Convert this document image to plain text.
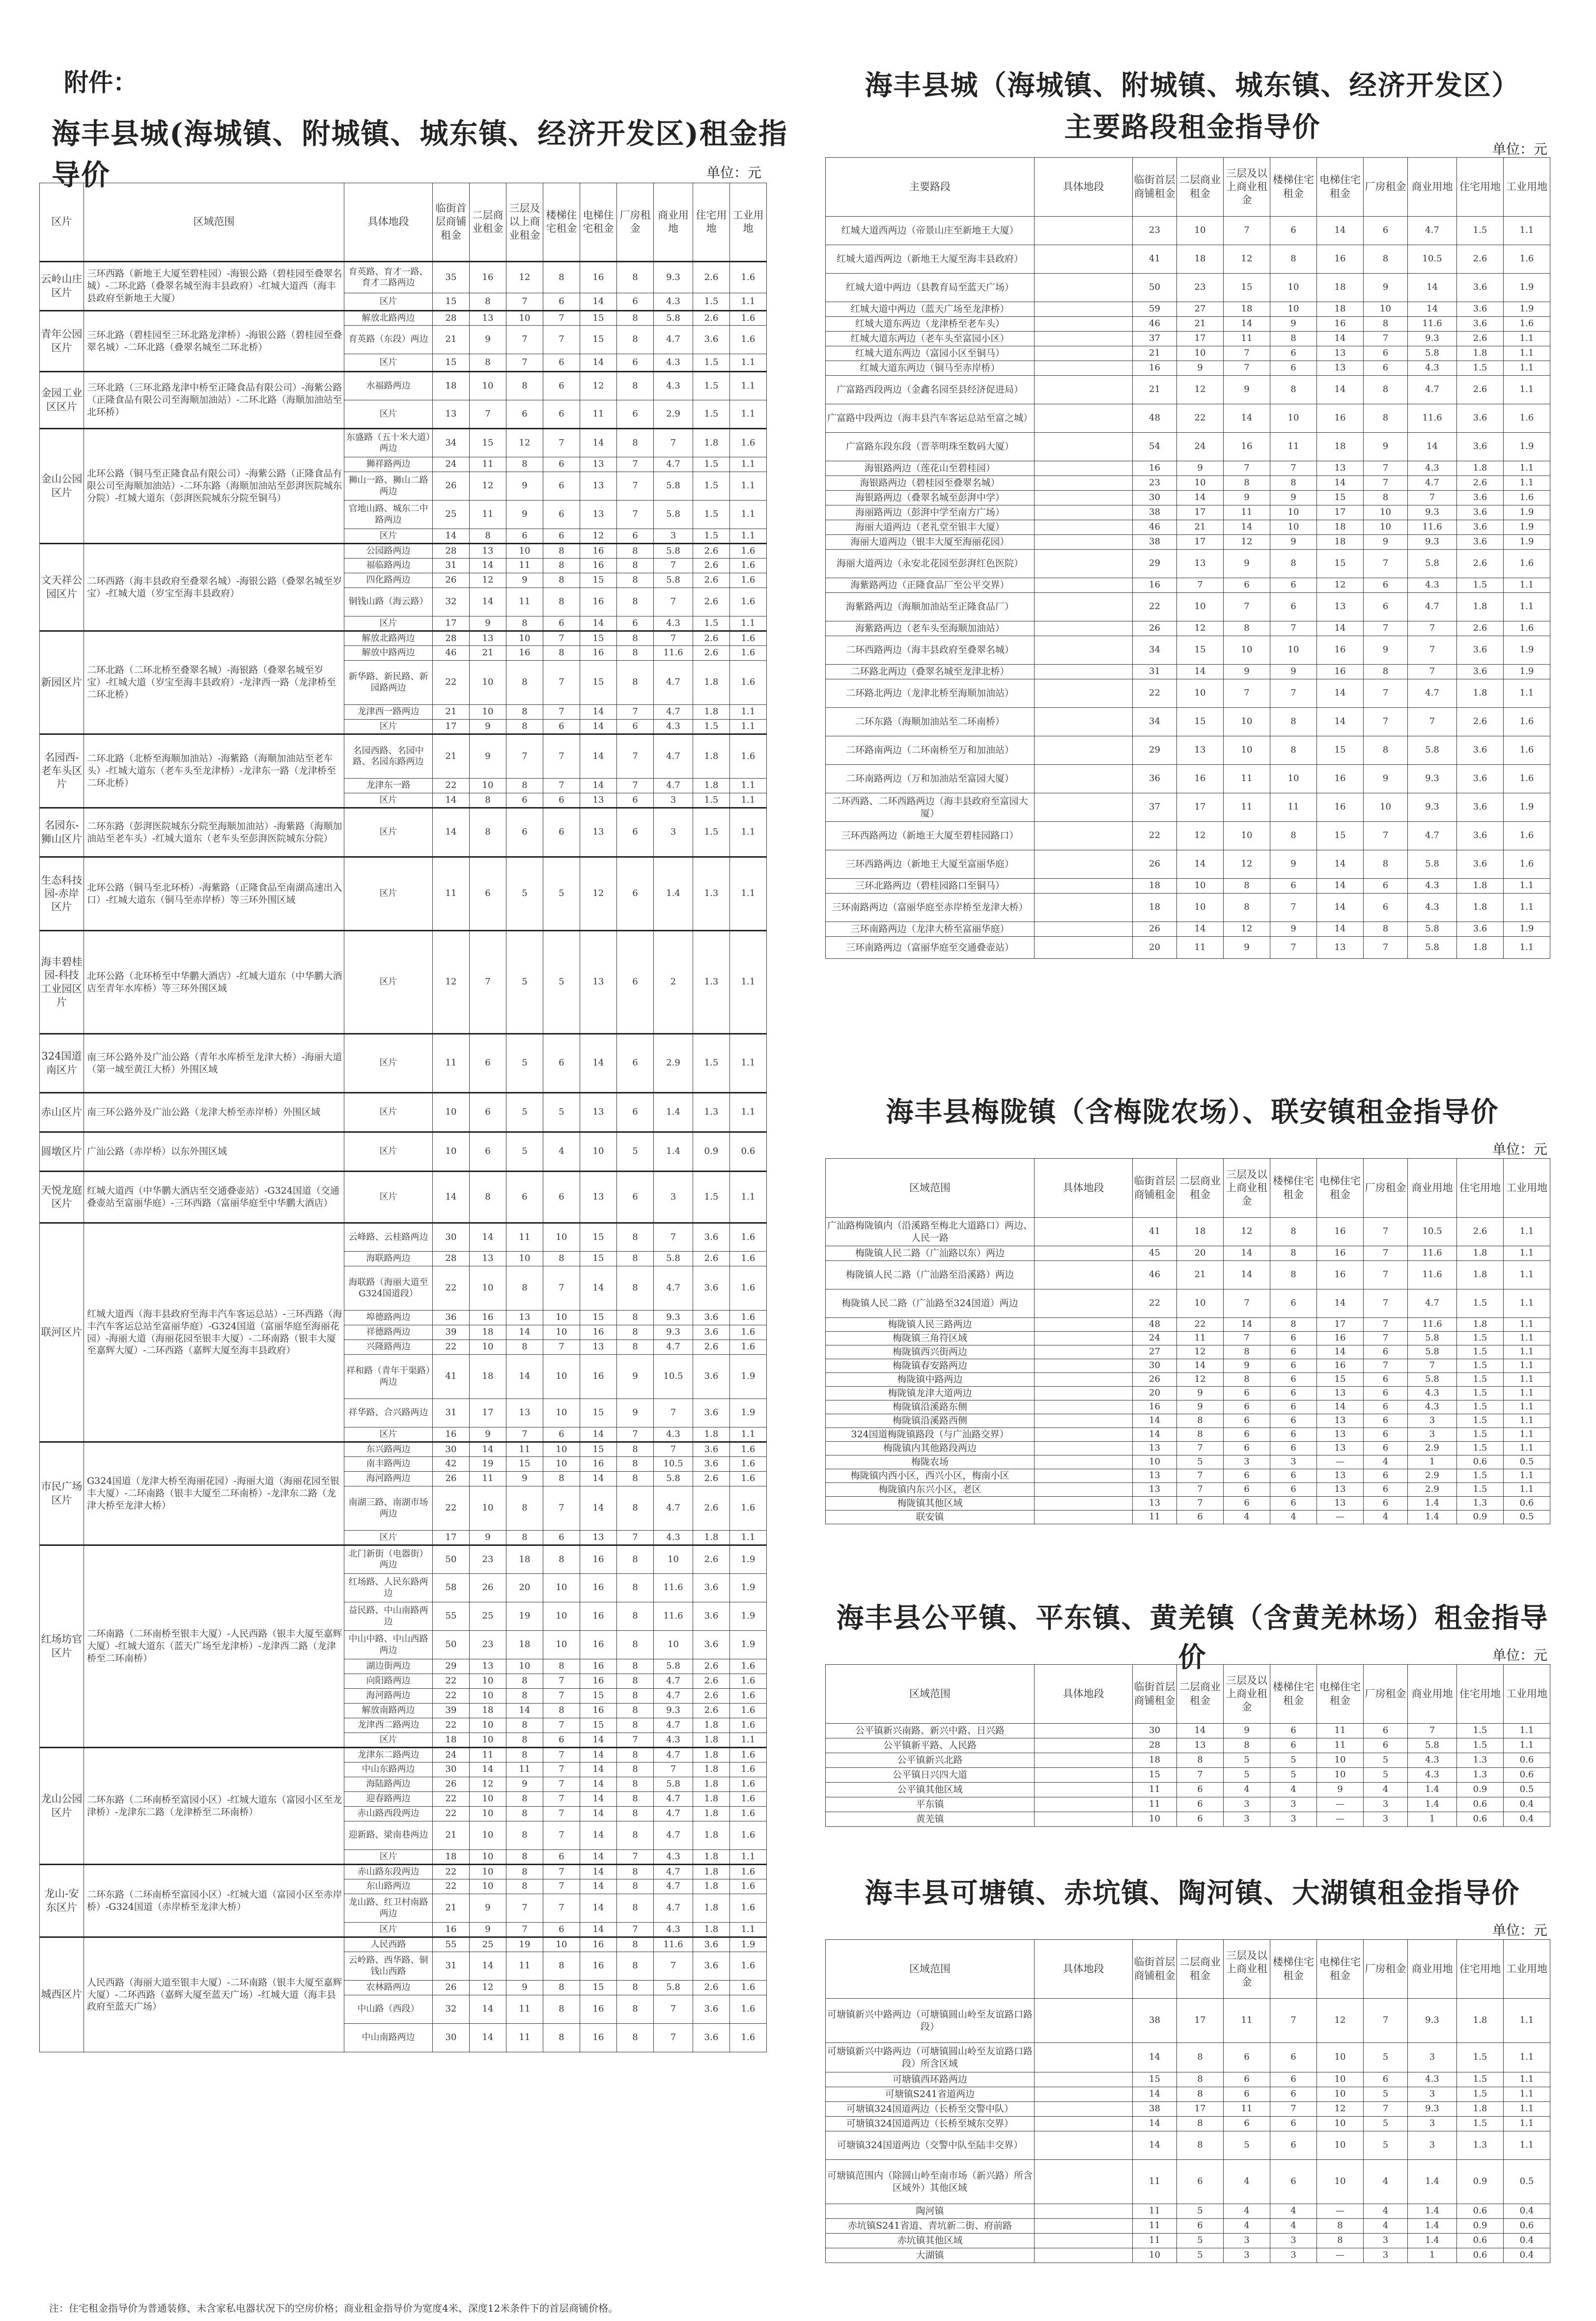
附件：
海丰县城(海城镇、附城镇、城东镇、经济开发区)租金指导价	单位：元
区片	区域范围	具体地段	临街首层商铺租金	二层商业租金	三层及以上商业租金	楼梯住宅租金	电梯住宅租金	厂房租金	商业用地	住宅用地	工业用地
云岭山庄区片	三环西路（新地王大厦至碧桂园）-海银公路（碧桂园至叠翠名城）-二环北路（叠翠名城至海丰县政府）-红城大道西（海丰县政府至新地王大厦）	育英路、育才一路、育才二路两边	35	16	12	8	16	8	9.3	2.6	1.6
		区片	15	8	7	6	14	6	4.3	1.5	1.1
青年公园区片	三环北路（碧桂园至三环北路龙津桥）-海银公路（碧桂园至叠翠名城）-二环北路（叠翠名城至二环北桥）	解放北路两边	28	13	10	7	15	8	5.8	2.6	1.6
		育英路（东段）两边	21	9	7	7	15	8	4.7	3.6	1.6
		区片	15	8	7	6	14	6	4.3	1.5	1.1
金园工业区区片	三环北路（三环北路龙津中桥至正隆食品有限公司）-海紫公路（正隆食品有限公司至海顺加油站）-二环北路（海顺加油站至北环桥）	水福路两边	18	10	8	6	12	8	4.3	1.5	1.1
		区片	13	7	6	6	11	6	2.9	1.5	1.1
金山公园区片	北环公路（铜马至正隆食品有限公司）-海紫公路（正隆食品有限公司至海顺加油站）-二环东路（海顺加油站至彭湃医院城东分院）-红城大道东（彭湃医院城东分院至铜马）	东盛路（五十米大道）两边	34	15	12	7	14	8	7	1.8	1.6
		狮祥路两边	24	11	8	6	13	7	4.7	1.5	1.1
		狮山一路、狮山二路两边	26	12	9	6	13	7	5.8	1.5	1.1
		官地山路、城东二中路两边	25	11	9	6	13	7	5.8	1.5	1.1
		区片	14	8	6	6	12	6	3	1.5	1.1
文天祥公园区片	二环西路（海丰县政府至叠翠名城）-海银公路（叠翠名城至岁宝）-红城大道（岁宝至海丰县政府）	公园路两边	28	13	10	8	16	8	5.8	2.6	1.6
		福临路两边	31	14	11	8	16	8	7	2.6	1.6
		四化路两边	26	12	9	8	15	8	5.8	2.6	1.6
		铜钱山路（海云路）	32	14	11	8	16	8	7	2.6	1.6
		区片	17	9	8	6	14	6	4.3	1.5	1.1
新园区片	二环北路（二环北桥至叠翠名城）-海银路（叠翠名城至岁宝）-红城大道（岁宝至海丰县政府）-龙津西一路（龙津桥至二环北桥）	解放北路两边	28	13	10	7	15	8	7	2.6	1.6
		解放中路两边	46	21	16	8	16	8	11.6	2.6	1.6
		新华路、新民路、新园路两边	22	10	8	7	15	8	4.7	1.8	1.6
		龙津西一路两边	21	10	8	7	14	7	4.7	1.8	1.1
		区片	17	9	8	6	14	6	4.3	1.5	1.1
名园西-老车头区片	二环北路（北桥至海顺加油站）-海紫路（海顺加油站至老车头）-红城大道东（老车头至龙津桥）-龙津东一路（龙津桥至二环北桥）	名园西路、名园中路、名园东路两边	21	9	7	7	14	7	4.7	1.8	1.6
		龙津东一路	22	10	8	7	14	7	4.7	1.8	1.1
		区片	14	8	6	6	13	6	3	1.5	1.1
名园东-狮山区片	二环东路（彭湃医院城东分院至海顺加油站）-海紫路（海顺加油站至老车头）-红城大道东（老车头至彭湃医院城东分院）	区片	14	8	6	6	13	6	3	1.5	1.1
生态科技园-赤岸区片	北环公路（铜马至北环桥）-海紫路（正隆食品至南湖高速出入口）-红城大道东（铜马至赤岸桥）等三环外围区域	区片	11	6	5	5	12	6	1.4	1.3	1.1
海丰碧桂园-科技工业园区片	北环公路（北环桥至中华鹏大酒店）-红城大道东（中华鹏大酒店至青年水库桥）等三环外围区域	区片	12	7	5	5	13	6	2	1.3	1.1
324国道南区片	南三环公路外及广汕公路（青年水库桥至龙津大桥）-海丽大道（第一城至黄江大桥）外围区域	区片	11	6	5	6	14	6	2.9	1.5	1.1
赤山区片	南三环公路外及广汕公路（龙津大桥至赤岸桥）外围区域	区片	10	6	5	5	13	6	1.4	1.3	1.1
圆墩区片	广汕公路（赤岸桥）以东外围区域	区片	10	6	5	4	10	5	1.4	0.9	0.6
天悦龙庭区片	红城大道西（中华鹏大酒店至交通叠壶站）-G324国道（交通叠壶站至富丽华庭）-三环西路（富丽华庭至中华鹏大酒店）	区片	14	8	6	6	13	6	3	1.5	1.1
联河区片	红城大道西（海丰县政府至海丰汽车客运总站）-三环西路（海丰汽车客运总站至富丽华庭）-G324国道（富丽华庭至海丽花园）-海丽大道（海丽花园至银丰大厦）-二环南路（银丰大厦至嘉辉大厦）-二环西路（嘉辉大厦至海丰县政府）	云峰路、云桂路两边	30	14	11	10	15	8	7	3.6	1.6
		海联路两边	28	13	10	8	15	8	5.8	2.6	1.6
		海联路（海丽大道至G324国道段）	22	10	8	7	14	8	4.7	3.6	1.6
		埠德路两边	36	16	13	10	15	8	9.3	3.6	1.6
		祥德路两边	39	18	14	10	16	8	9.3	3.6	1.6
		兴隆路两边	22	10	8	7	13	8	4.7	2.6	1.6
		祥和路（青年干渠路）两边	41	18	14	10	16	9	10.5	3.6	1.9
		祥华路、合兴路两边	31	17	13	10	15	9	7	3.6	1.9
		区片	16	9	7	6	14	7	4.3	1.8	1.1
市民广场区片	G324国道（龙津大桥至海丽花园）-海丽大道（海丽花园至银丰大厦）-二环南路（银丰大厦至二环南桥）-龙津东二路（龙津大桥至龙津大桥）	东兴路两边	30	14	11	10	15	8	7	3.6	1.6
		南丰路两边	42	19	15	10	16	8	10.5	3.6	1.6
		海河路两边	26	11	9	8	14	8	5.8	2.6	1.6
		南湖三路、南湖市场两边	22	10	8	7	14	8	4.7	2.6	1.6
		区片	17	9	8	6	13	7	4.3	1.8	1.1
红场坊官区片	二环南路（二环南桥至银丰大厦）-人民西路（银丰大厦至嘉辉大厦）-红城大道东（蓝天广场至龙津桥）-龙津西二路（龙津桥至二环南桥）	北门新街（电器街）两边	50	23	18	8	16	8	10	2.6	1.9
		红场路、人民东路两边	58	26	20	10	16	8	11.6	3.6	1.9
		益民路、中山南路两边	55	25	19	10	16	8	11.6	3.6	1.9
		中山中路、中山西路两边	50	23	18	10	16	8	10	3.6	1.9
		湖边街两边	29	13	10	8	16	8	5.8	2.6	1.6
		向阳路两边	22	10	8	7	16	8	4.7	2.6	1.6
		海河路两边	22	10	8	7	15	8	4.7	2.6	1.6
		解放南路两边	39	18	14	8	16	8	9.3	2.6	1.6
		龙津西二路两边	22	10	8	7	15	8	4.7	1.8	1.6
		区片	18	10	8	6	14	7	4.3	1.8	1.1
龙山公园区片	二环东路（二环南桥至富园小区）-红城大道东（富园小区至龙津桥）-龙津东二路（龙津桥至二环南桥）	龙津东二路两边	24	11	8	7	14	8	4.7	1.8	1.6
		中山东路两边	30	14	11	7	14	8	7	1.8	1.6
		海陆路两边	26	12	9	7	14	8	5.8	1.8	1.6
		迎春路两边	22	10	8	7	14	8	4.7	1.8	1.6
		赤山路西段两边	22	10	8	7	14	8	4.7	1.8	1.6
		迎新路、梁南巷两边	21	10	8	7	14	8	4.7	1.8	1.6
		区片	18	10	8	6	14	7	4.3	1.8	1.1
龙山-安东区片	二环东路（二环南桥至富园小区）-红城大道（富园小区至赤岸桥）-G324国道（赤岸桥至龙津大桥）	赤山路东段两边	22	10	8	7	14	8	4.7	1.8	1.6
		东山路两边	22	10	8	7	14	8	4.7	1.8	1.6
		龙山路、红卫村南路两边	21	9	7	7	14	8	4.7	1.8	1.6
		区片	16	9	7	6	14	7	4.3	1.8	1.1
城西区片	人民西路（海丽大道至银丰大厦）-二环南路（银丰大厦至嘉辉大厦）-二环西路（嘉辉大厦至蓝天广场）-红城大道（海丰县政府至蓝天广场）	人民西路	55	25	19	10	16	8	11.6	3.6	1.9
		云岭路、西华路、铜钱山西路	31	14	11	8	16	8	7	3.6	1.6
		农林路两边	26	12	9	8	15	8	5.8	2.6	1.6
		中山路（西段）	32	14	11	8	16	8	7	3.6	1.6
		中山南路两边	30	14	11	8	16	8	7	3.6	1.6
注：住宅租金指导价为普通装修、未含家私电器状况下的空房价格；商业租金指导价为宽度4米、深度12米条件下的首层商铺价格。
海丰县城（海城镇、附城镇、城东镇、经济开发区）
主要路段租金指导价
单位：元
主要路段	具体地段	临街首层商铺租金	二层商业租金	三层及以上商业租金	楼梯住宅租金	电梯住宅租金	厂房租金	商业用地	住宅用地	工业用地
红城大道西两边（帝景山庄至新地王大厦）		23	10	7	6	14	6	4.7	1.5	1.1
红城大道西两边（新地王大厦至海丰县政府）		41	18	12	8	16	8	10.5	2.6	1.6
红城大道中两边（县教育局至蓝天广场）		50	23	15	10	18	9	14	3.6	1.9
红城大道中两边（蓝天广场至龙津桥）		59	27	18	10	18	10	14	3.6	1.9
红城大道东两边（龙津桥至老车头）		46	21	14	9	16	8	11.6	3.6	1.6
红城大道东两边（老车头至富园小区）		37	17	11	8	14	7	9.3	2.6	1.1
红城大道东两边（富园小区至铜马）		21	10	7	6	13	6	5.8	1.8	1.1
红城大道东两边（铜马至赤岸桥）		16	9	7	6	13	6	4.3	1.5	1.1
广富路西段两边（金鑫名园至县经济促进局）		21	12	9	8	14	8	4.7	2.6	1.1
广富路中段两边（海丰县汽车客运总站至富之城）		48	22	14	10	16	8	11.6	3.6	1.6
广富路东段东段（晋莘明珠至数码大厦）		54	24	16	11	18	9	14	3.6	1.9
海银路两边（莲花山至碧桂园）		16	9	7	7	13	7	4.3	1.8	1.1
海银路两边（碧桂园至叠翠名城）		23	10	8	8	14	7	4.7	2.6	1.1
海银路两边（叠翠名城至彭湃中学）		30	14	9	9	15	8	7	3.6	1.6
海丽路两边（彭湃中学至南方广场）		38	17	11	10	17	10	9.3	3.6	1.9
海丽大道两边（老礼堂至银丰大厦）		46	21	14	10	18	10	11.6	3.6	1.9
海丽大道两边（银丰大厦至海丽花园）		38	17	12	9	18	9	9.3	3.6	1.9
海丽大道两边（永安北花园至彭湃红色医院）		29	13	9	8	15	7	5.8	2.6	1.6
海紫路两边（正隆食品厂至公平交界）		16	7	6	6	12	6	4.3	1.5	1.1
海紫路两边（海顺加油站至正隆食品厂）		22	10	7	6	13	6	4.7	1.8	1.1
海紫路两边（老车头至海顺加油站）		26	12	8	7	14	7	7	2.6	1.6
二环西路两边（海丰县政府至叠翠名城）		34	15	10	10	16	9	7	3.6	1.9
二环路北两边（叠翠名城至龙津北桥）		31	14	9	9	16	8	7	3.6	1.9
二环路北两边（龙津北桥至海顺加油站）		22	10	7	7	14	7	4.7	1.8	1.1
二环东路（海顺加油站至二环南桥）		34	15	10	8	14	7	7	2.6	1.6
二环路南两边（二环南桥至万和加油站）		29	13	10	8	15	8	5.8	3.6	1.6
二环南路两边（万和加油站至富园大厦）		36	16	11	10	16	9	9.3	3.6	1.6
二环西路、二环西路两边（海丰县政府至富园大厦）		37	17	11	11	16	10	9.3	3.6	1.9
三环西路两边（新地王大厦至碧桂园路口）		22	12	10	8	15	7	4.7	3.6	1.6
三环西路两边（新地王大厦至富丽华庭）		26	14	12	9	14	8	5.8	3.6	1.6
三环北路两边（碧桂园路口至铜马）		18	10	8	6	14	6	4.3	1.8	1.1
三环南路两边（富丽华庭至赤岸桥至龙津大桥）		18	10	8	7	14	6	4.3	1.8	1.1
三环南路两边（龙津大桥至富丽华庭）		26	14	12	9	14	8	5.8	3.6	1.9
三环南路两边（富丽华庭至交通叠壶站）		20	11	9	7	13	7	5.8	1.8	1.1
海丰县梅陇镇（含梅陇农场）、联安镇租金指导价
单位：元
区域范围	具体地段	临街首层商铺租金	二层商业租金	三层及以上商业租金	楼梯住宅租金	电梯住宅租金	厂房租金	商业用地	住宅用地	工业用地
广汕路梅陇镇内（沿溪路至梅北大道路口）两边、人民一路		41	18	12	8	16	7	10.5	2.6	1.1
梅陇镇人民二路（广汕路以东）两边		45	20	14	8	16	7	11.6	1.8	1.1
梅陇镇人民二路（广汕路至沿溪路）两边		46	21	14	8	16	7	11.6	1.8	1.1
梅陇镇人民二路（广汕路至324国道）两边		22	10	7	6	14	7	4.7	1.5	1.1
梅陇镇人民三路两边		48	22	14	8	17	7	11.6	1.8	1.1
梅陇镇三角符区域		24	11	7	6	16	7	5.8	1.5	1.1
梅陇镇西兴街两边		27	12	8	6	14	6	5.8	1.5	1.1
梅陇镇春安路两边		30	14	9	6	16	7	7	1.5	1.1
梅陇镇中路两边		26	12	8	6	15	6	5.8	1.5	1.1
梅陇镇龙津大道两边		20	9	6	6	13	6	4.3	1.5	1.1
梅陇镇沿溪路东侧		16	9	6	6	14	6	4.3	1.5	1.1
梅陇镇沿溪路西侧		14	8	6	6	13	6	3	1.5	1.1
324国道梅陇镇路段（与广汕路交界）		14	8	6	6	13	6	3	1.5	1.1
梅陇镇内其他路段两边		13	7	6	6	13	6	2.9	1.5	1.1
梅陇农场		10	5	3	3	—	4	1	0.6	0.5
梅陇镇内西小区，西兴小区，梅南小区		13	7	6	6	13	6	2.9	1.5	1.1
梅陇镇内东兴小区，老区		13	7	6	6	13	6	2.9	1.5	1.1
梅陇镇其他区域		13	7	6	6	13	6	1.4	1.3	0.6
联安镇		11	6	4	4	—	4	1.4	0.9	0.5
海丰县公平镇、平东镇、黄羌镇（含黄羌林场）租金指导价	单位：元
区域范围	具体地段	临街首层商铺租金	二层商业租金	三层及以上商业租金	楼梯住宅租金	电梯住宅租金	厂房租金	商业用地	住宅用地	工业用地
公平镇新兴南路、新兴中路、日兴路		30	14	9	6	11	6	7	1.5	1.1
公平镇新平路、人民路		28	13	8	6	11	6	5.8	1.5	1.1
公平镇新兴北路		18	8	5	5	10	5	4.3	1.3	0.6
公平镇日兴四大道		15	7	5	5	10	5	4.3	1.3	0.6
公平镇其他区域		11	6	4	4	9	4	1.4	0.9	0.5
平东镇		11	6	3	3	—	3	1.4	0.6	0.4
黄羌镇		10	6	3	3	—	3	1	0.6	0.4
海丰县可塘镇、赤坑镇、陶河镇、大湖镇租金指导价
单位：元
区域范围	具体地段	临街首层商铺租金	二层商业租金	三层及以上商业租金	楼梯住宅租金	电梯住宅租金	厂房租金	商业用地	住宅用地	工业用地
可塘镇新兴中路两边（可塘镇圆山岭至友谊路口路段）		38	17	11	7	12	7	9.3	1.8	1.1
可塘镇新兴中路两边（可塘镇圆山岭至友谊路口路段）所含区域		14	8	6	6	10	5	3	1.5	1.1
可塘镇西环路两边		15	8	6	6	10	6	4.3	1.5	1.1
可塘镇S241省道两边		14	8	6	6	10	5	3	1.5	1.1
可塘镇324国道两边（长桥至交警中队）		38	17	11	7	12	7	9.3	1.8	1.1
可塘镇324国道两边（长桥至城东交界）		14	8	6	6	10	5	3	1.5	1.1
可塘镇324国道两边（交警中队至陆丰交界）		14	8	5	6	10	5	3	1.3	1.1
可塘镇范围内（除圆山岭至南市场（新兴路）所含区域外）其他区域		11	6	4	6	10	4	1.4	0.9	0.5
陶河镇		11	5	4	4	—	4	1.4	0.6	0.4
赤坑镇S241省道、青坑新二街、府前路		11	6	4	4	8	4	1.4	0.9	0.6
赤坑镇其他区域		11	5	3	3	8	3	1.4	0.6	0.4
大湖镇		10	5	3	3	—	3	1	0.6	0.4
